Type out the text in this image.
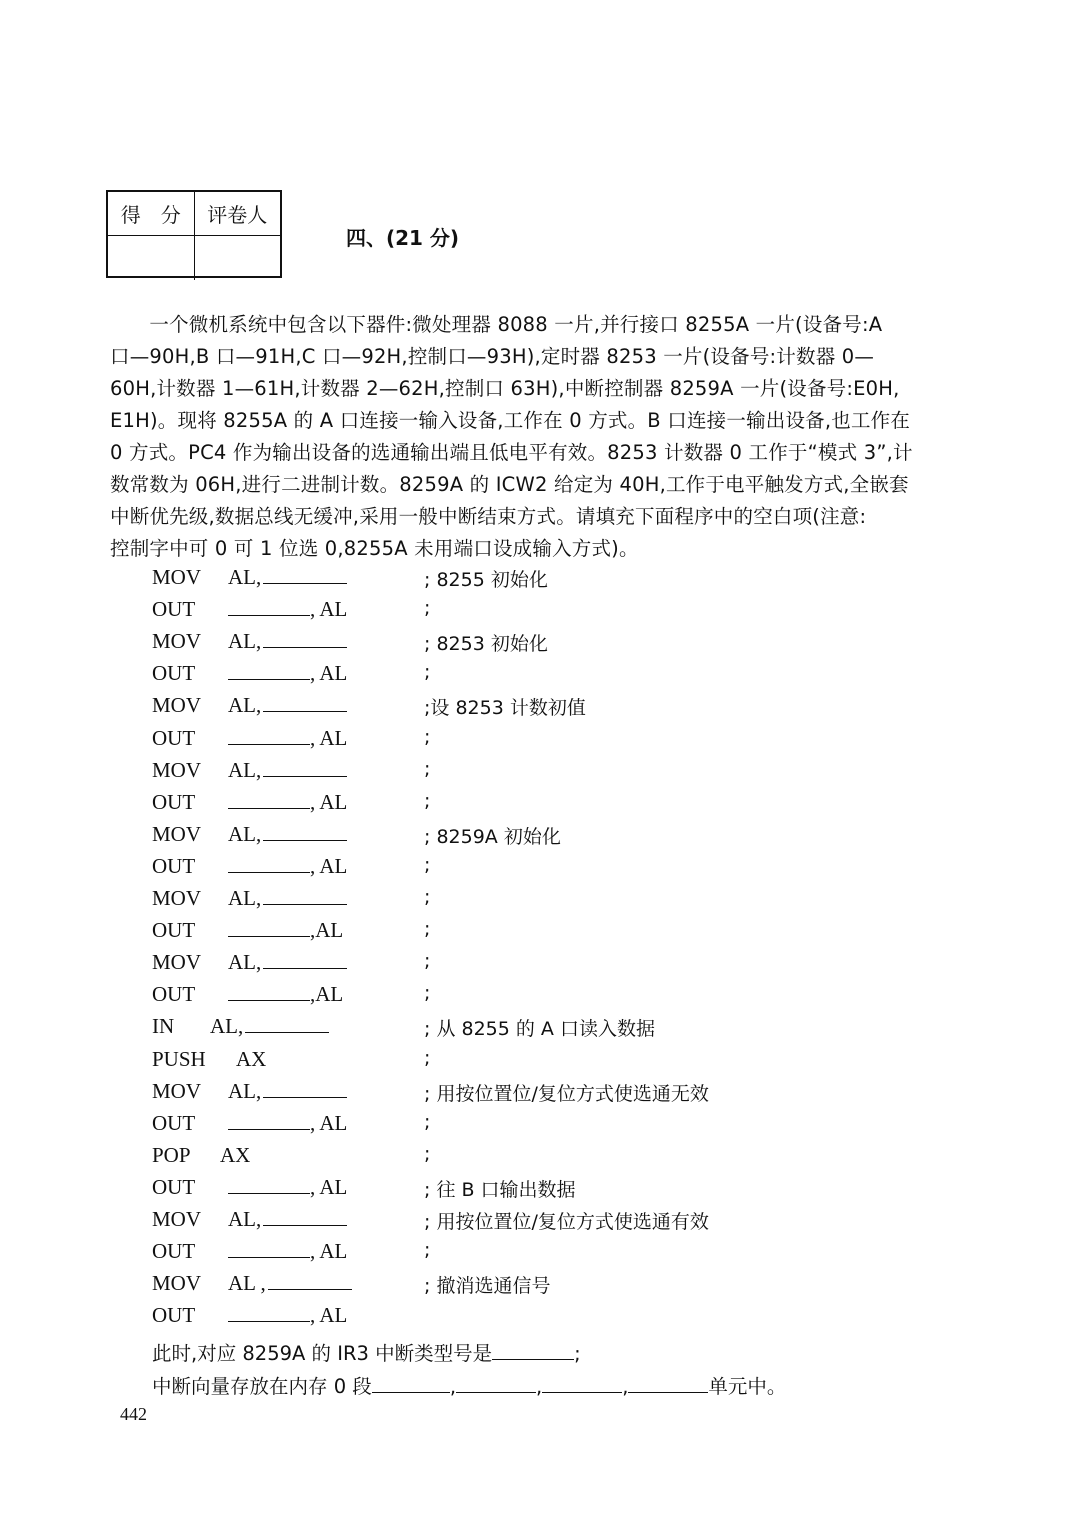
得　分	评卷人
四、(21 分)
　　一个微机系统中包含以下器件:微处理器 8088 一片,并行接口 8255A 一片(设备号:A
口—90H,B 口—91H,C 口—92H,控制口—93H),定时器 8253 一片(设备号:计数器 0—
60H,计数器 1—61H,计数器 2—62H,控制口 63H),中断控制器 8259A 一片(设备号:E0H,
E1H)。现将 8255A 的 A 口连接一输入设备,工作在 0 方式。B 口连接一输出设备,也工作在
0 方式。PC4 作为输出设备的选通输出端且低电平有效。8253 计数器 0 工作于“模式 3”,计
数常数为 06H,进行二进制计数。8259A 的 ICW2 给定为 40H,工作于电平触发方式,全嵌套
中断优先级,数据总线无缓冲,采用一般中断结束方式。请填充下面程序中的空白项(注意:
控制字中可 0 可 1 位选 0,8255A 未用端口设成输入方式)。
MOV AL,	; 8255 初始化
OUT	, AL	;
MOV AL,	; 8253 初始化
OUT	, AL	;
MOV AL,	;设 8253 计数初值
OUT	, AL	;
MOV AL,	;
OUT	, AL	;
MOV AL,	; 8259A 初始化
OUT	, AL	;
MOV AL,	;
OUT	,AL	;
MOV AL,	;
OUT	,AL	;
IN AL,	; 从 8255 的 A 口读入数据
PUSH AX	;
MOV AL,	; 用按位置位/复位方式使选通无效
OUT	, AL	;
POP AX	;
OUT	, AL	; 往 B 口输出数据
MOV AL,	; 用按位置位/复位方式使选通有效
OUT	, AL	;
MOV AL ,	; 撤消选通信号
OUT	, AL
此时,对应 8259A 的 IR3 中断类型号是	;
中断向量存放在内存 0 段	,	,	,	单元中。
442
